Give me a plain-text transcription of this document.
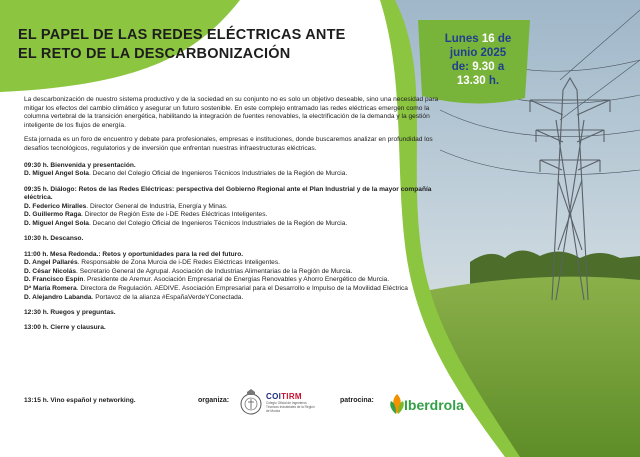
EL PAPEL DE LAS REDES ELÉCTRICAS ANTE
EL RETO DE LA DESCARBONIZACIÓN
Lunes 16 de
junio 2025
de: 9.30 a
13.30 h.

La descarbonización de nuestro sistema productivo y de la sociedad en su conjunto no es solo un objetivo deseable, sino una necesidad para mitigar los efectos del cambio climático y asegurar un futuro sostenible. En este complejo entramado las redes eléctricas emergen como la columna vertebral de la transición energética, habilitando la integración de fuentes renovables, la electrificación de la demanda y la gestión inteligente de los flujos de energía.

Esta jornada es un foro de encuentro y debate para profesionales, empresas e instituciones, donde buscaremos analizar en profundidad los desafíos tecnológicos, regulatorios y de inversión que enfrentan nuestras infraestructuras eléctricas.

09:30 h. Bienvenida y presentación.
D. Miguel Angel Sola. Decano del Colegio Oficial de Ingenieros Técnicos Industriales de la Región de Murcia.
09:35 h. Diálogo: Retos de las Redes Eléctricas: perspectiva del Gobierno Regional ante el Plan Industrial y de la mayor compañía eléctrica.
D. Federico Miralles. Director General de Industria, Energía y Minas.
D. Guillermo Raga. Director de Región Este de i-DE Redes Eléctricas Inteligentes.
D. Miguel Angel Sola. Decano del Colegio Oficial de Ingenieros Técnicos Industriales de la Región de Murcia.
10:30 h. Descanso.
11:00 h. Mesa Redonda.: Retos y oportunidades para la red del futuro.
D. Angel Pallarés. Responsable de Zona Murcia de i-DE Redes Eléctricas Inteligentes.
D. César Nicolás. Secretario General de Agrupal. Asociación de Industrias Alimentarias de la Región de Murcia.
D. Francisco Espín. Presidente de Aremur. Asociación Empresarial de Energías Renovables y Ahorro Energético de Murcia.
Dª María Romera. Directora de Regulación. AEDIVE. Asociación Empresarial para el Desarrollo e Impulso de la Movilidad Eléctrica
D. Alejandro Labanda. Portavoz de la alianza #EspañaVerdeYConectada.
12:30 h. Ruegos y preguntas.
13:00 h. Cierre y clausura.
13:15 h. Vino español y networking.	organiza:	COITIRM
Colegio Oficial de Ingenieros Técnicos Industriales de la Región de Murcia
patrocina: Iberdrola
